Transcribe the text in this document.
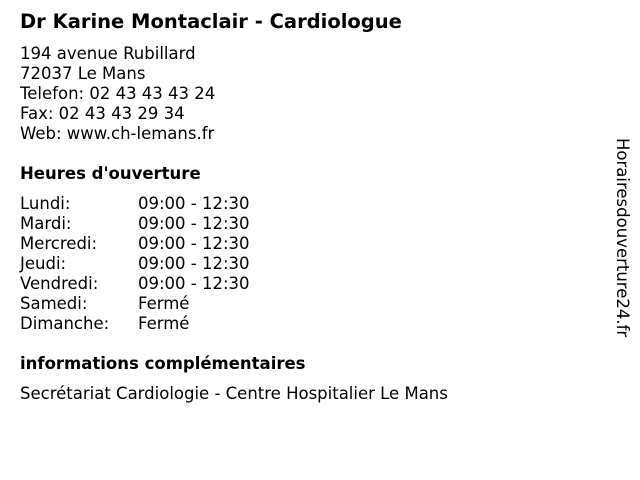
Dr Karine Montaclair - Cardiologue
194 avenue Rubillard
72037 Le Mans
Telefon: 02 43 43 43 24
Fax: 02 43 43 29 34
Web: www.ch-lemans.fr
Heures d'ouverture
Lundi:	09:00 - 12:30
Mardi:	09:00 - 12:30
Mercredi: 09:00 - 12:30
Jeudi:	09:00 - 12:30
Vendredi: 09:00 - 12:30
Samedi:	Fermé
Dimanche: Fermé
informations complémentaires
Secrétariat Cardiologie - Centre Hospitalier Le Mans
Horairesdouverture24.fr
